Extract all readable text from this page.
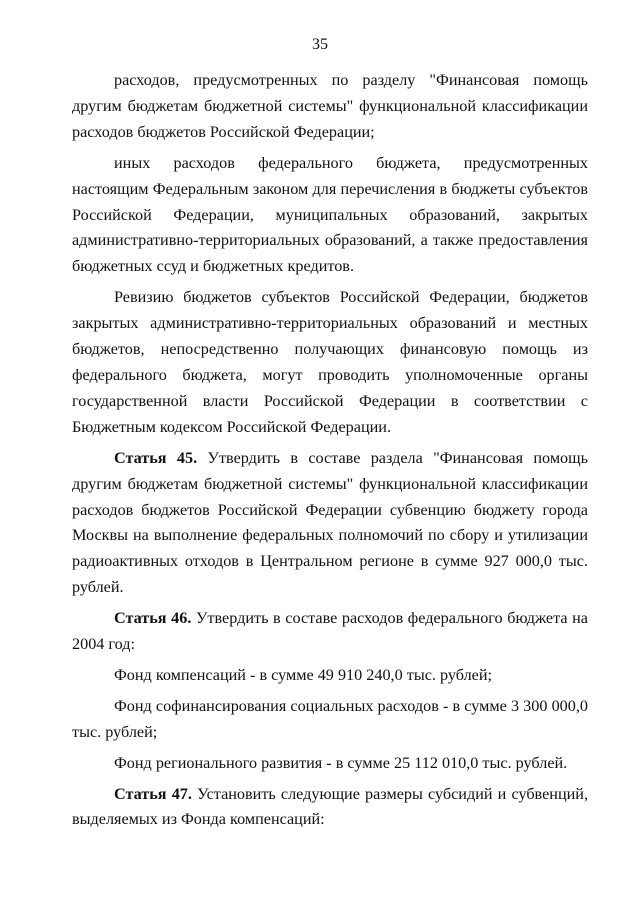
35

расходов, предусмотренных по разделу "Финансовая помощь другим бюджетам бюджетной системы" функциональной классификации расходов бюджетов Российской Федерации;

иных расходов федерального бюджета, предусмотренных настоящим Федеральным законом для перечисления в бюджеты субъектов Российской Федерации, муниципальных образований, закрытых административно-территориальных образований, а также предоставления бюджетных ссуд и бюджетных кредитов.

Ревизию бюджетов субъектов Российской Федерации, бюджетов закрытых административно-территориальных образований и местных бюджетов, непосредственно получающих финансовую помощь из федерального бюджета, могут проводить уполномоченные органы государственной власти Российской Федерации в соответствии с Бюджетным кодексом Российской Федерации.

Статья 45. Утвердить в составе раздела "Финансовая помощь другим бюджетам бюджетной системы" функциональной классификации расходов бюджетов Российской Федерации субвенцию бюджету города Москвы на выполнение федеральных полномочий по сбору и утилизации радиоактивных отходов в Центральном регионе в сумме 927 000,0 тыс. рублей.

Статья 46. Утвердить в составе расходов федерального бюджета на 2004 год:

Фонд компенсаций - в сумме 49 910 240,0 тыс. рублей;

Фонд софинансирования социальных расходов - в сумме 3 300 000,0 тыс. рублей;

Фонд регионального развития - в сумме 25 112 010,0 тыс. рублей.

Статья 47. Установить следующие размеры субсидий и субвенций, выделяемых из Фонда компенсаций:
